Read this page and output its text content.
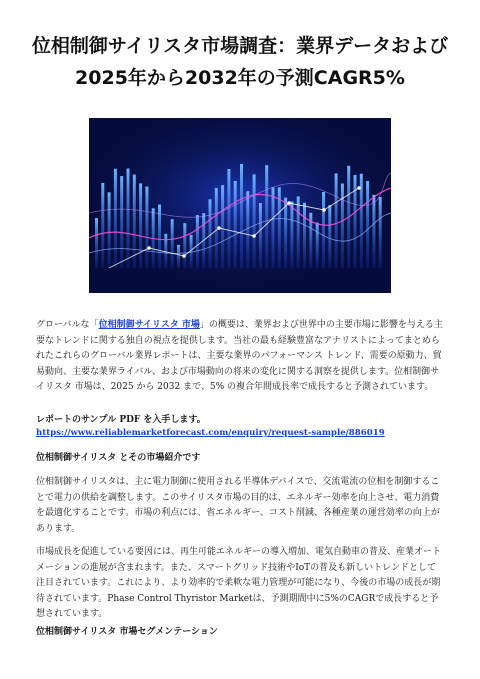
位相制御サイリスタ市場調査：業界データおよび2025年から2032年の予測CAGR5%
グローバルな「位相制御サイリスタ 市場」の概要は、業界および世界中の主要市場に影響を与える主要なトレンドに関する独自の視点を提供します。当社の最も経験豊富なアナリストによってまとめられたこれらのグローバル業界レポートは、主要な業界のパフォーマンス トレンド、需要の原動力、貿易動向、主要な業界ライバル、および市場動向の将来の変化に関する洞察を提供します。位相制御サイリスタ 市場は、2025 から 2032 まで、5% の複合年間成長率で成長すると予測されています。
レポートのサンプル PDF を入手します。
https://www.reliablemarketforecast.com/enquiry/request-sample/886019
位相制御サイリスタ とその市場紹介です
位相制御サイリスタは、主に電力制御に使用される半導体デバイスで、交流電流の位相を制御することで電力の供給を調整します。このサイリスタ市場の目的は、エネルギー効率を向上させ、電力消費を最適化することです。市場の利点には、省エネルギー、コスト削減、各種産業の運営効率の向上があります。
市場成長を促進している要因には、再生可能エネルギーの導入増加、電気自動車の普及、産業オートメーションの進展が含まれます。また、スマートグリッド技術やIoTの普及も新しいトレンドとして注目されています。これにより、より効率的で柔軟な電力管理が可能になり、今後の市場の成長が期待されています。Phase Control Thyristor Marketは、予測期間中に5%のCAGRで成長すると予想されています。
位相制御サイリスタ 市場セグメンテーション
